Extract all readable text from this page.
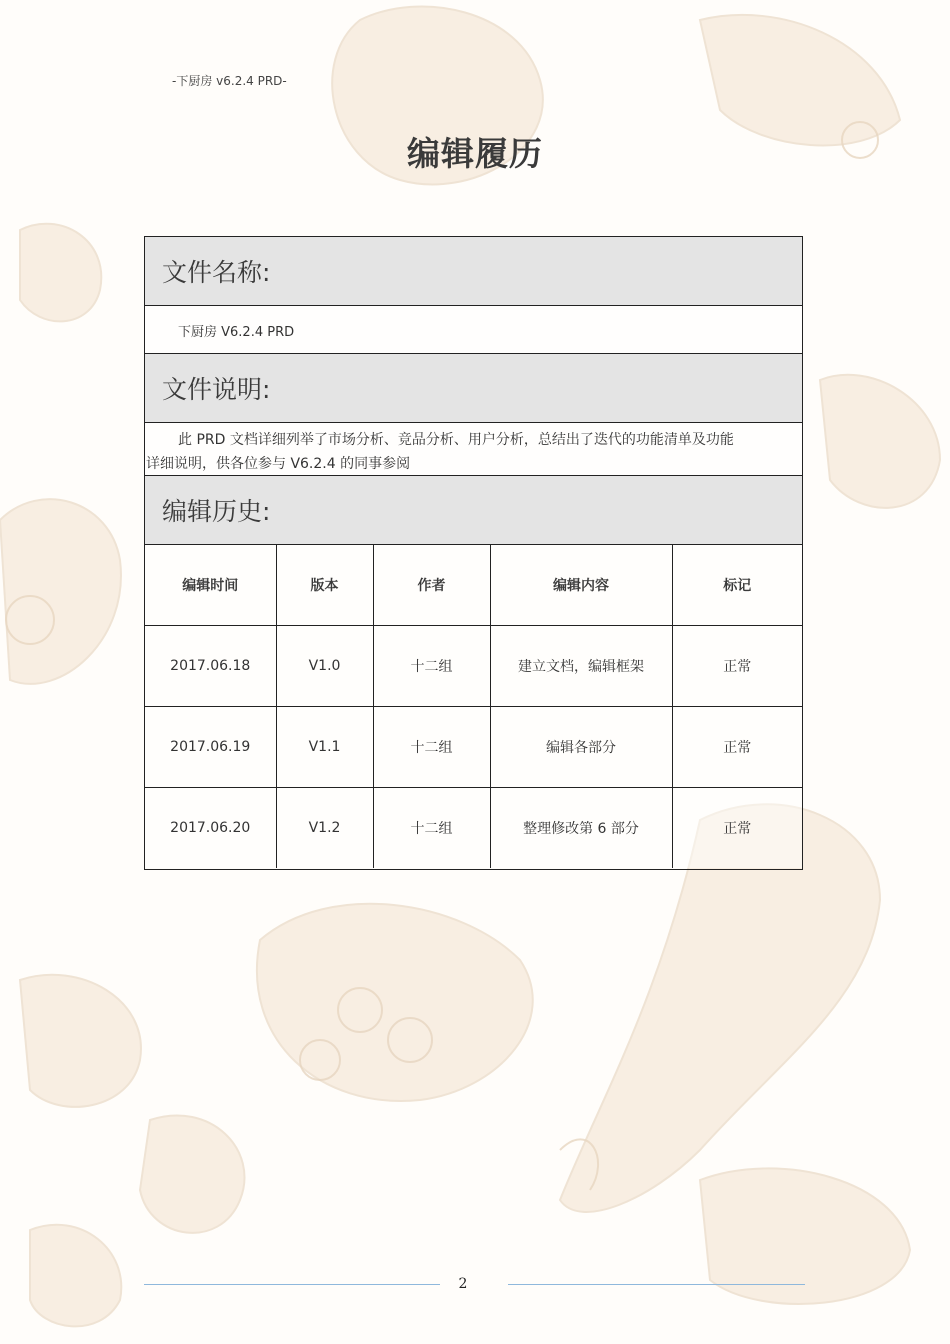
-下厨房 v6.2.4 PRD-
编辑履历
文件名称:
下厨房 V6.2.4 PRD
文件说明:
此 PRD 文档详细列举了市场分析、竞品分析、用户分析，总结出了迭代的功能清单及功能
详细说明，供各位参与 V6.2.4 的同事参阅
编辑历史:
编辑时间	版本	作者	编辑内容	标记
2017.06.18	V1.0	十二组	建立文档，编辑框架	正常
2017.06.19	V1.1	十二组	编辑各部分	正常
2017.06.20	V1.2	十二组	整理修改第 6 部分	正常
2
